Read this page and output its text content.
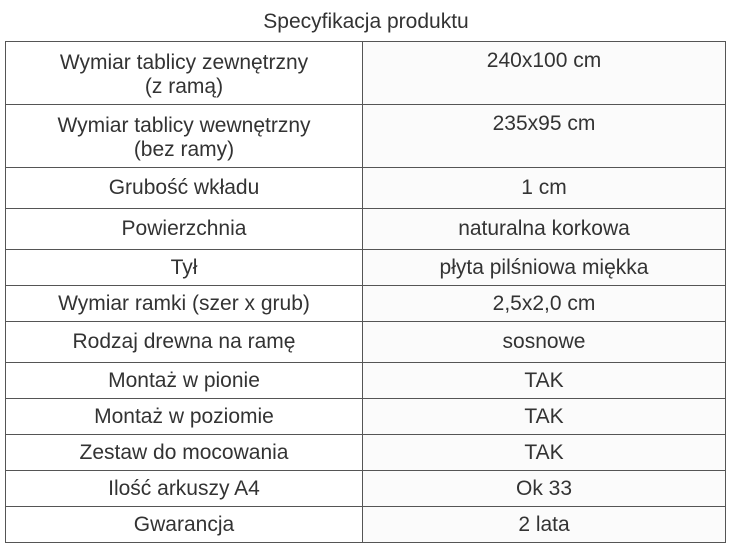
Specyfikacja produktu
Wymiar tablicy zewnętrzny
(z ramą)	240x100 cm

Wymiar tablicy wewnętrzny
(bez ramy)	235x95 cm
Grubość wkładu	1 cm
Powierzchnia	naturalna korkowa
Tył	płyta pilśniowa miękka
Wymiar ramki (szer x grub)	2,5x2,0 cm
Rodzaj drewna na ramę	sosnowe
Montaż w pionie	TAK
Montaż w poziomie	TAK
Zestaw do mocowania	TAK
Ilość arkuszy A4	Ok 33
Gwarancja	2 lata
